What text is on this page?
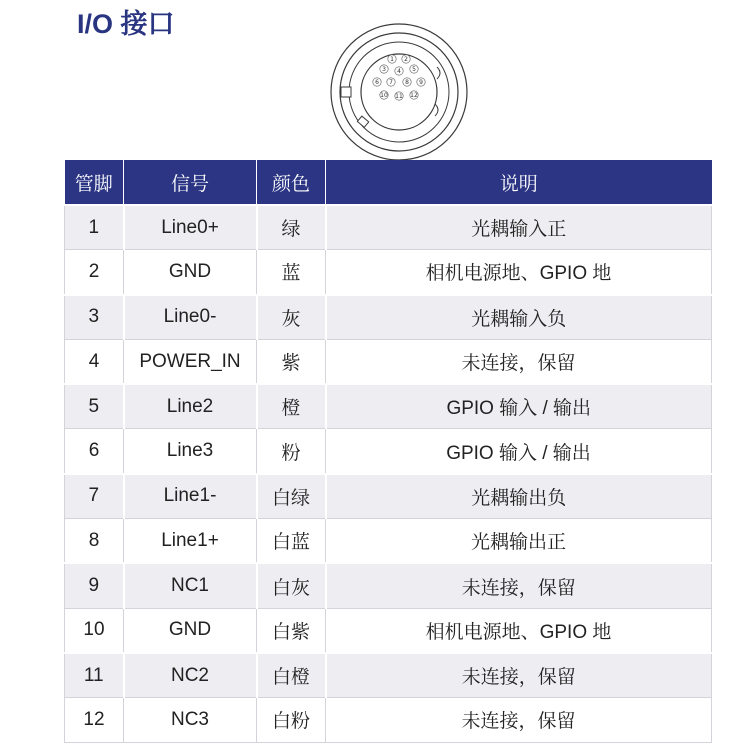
I/O 接口
1 2
3 4 5
6 7 8 9
10 11 12
管脚	信号	颜色	说明
1	Line0+	绿	光耦输入正
2	GND	蓝	相机电源地、GPIO 地
3	Line0-	灰	光耦输入负
4	POWER_IN	紫	未连接，保留
5	Line2	橙	GPIO 输入 / 输出
6	Line3	粉	GPIO 输入 / 输出
7	Line1-	白绿	光耦输出负
8	Line1+	白蓝	光耦输出正
9	NC1	白灰	未连接，保留
10	GND	白紫	相机电源地、GPIO 地
11	NC2	白橙	未连接，保留
12	NC3	白粉	未连接，保留
